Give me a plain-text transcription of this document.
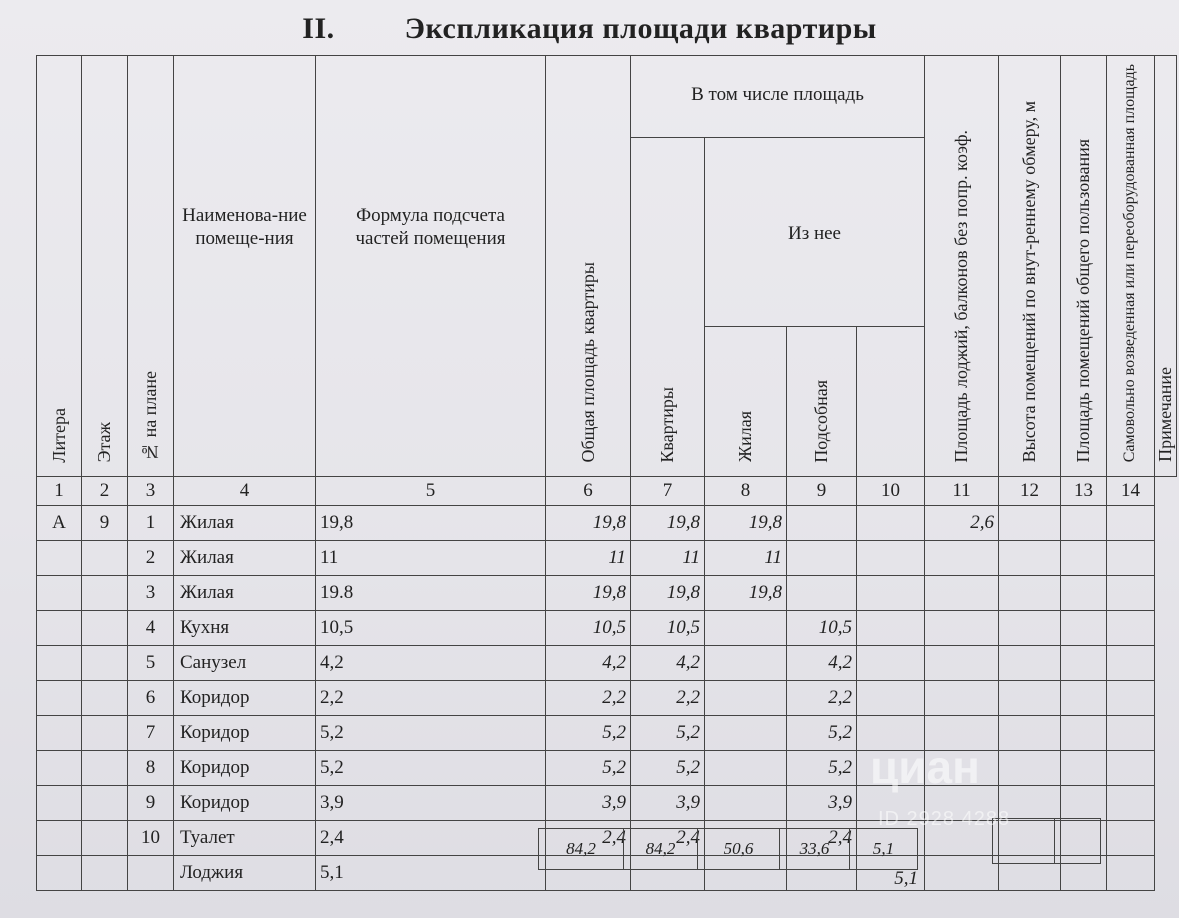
II. Экспликация площади квартиры
Литера	Этаж	№ на плане	Наименова-ние помеще-ния	Формула подсчета частей помещения	Общая площадь квартиры	В том числе площадь				Площадь лоджий, балконов без попр. коэф.	Высота помещений по внут-реннему обмеру, м	Площадь помещений общего пользования	Самовольно возведенная или переоборудованная площадь	Примечание
						Квартиры	Из нее							
							Жилая	Подсобная						
1	2	3	4	5	6	7	8	9	10	11	12	13	14	
А	9	1	Жилая	19,8	19,8	19,8	19,8			2,6				
		2	Жилая	11	11	11	11							
		3	Жилая	19.8	19,8	19,8	19,8							
		4	Кухня	10,5	10,5	10,5		10,5						
		5	Санузел	4,2	4,2	4,2		4,2						
		6	Коридор	2,2	2,2	2,2		2,2						
		7	Коридор	5,2	5,2	5,2		5,2						
		8	Коридор	5,2	5,2	5,2		5,2						
		9	Коридор	3,9	3,9	3,9		3,9						
		10	Туалет	2,4	2,4	2,4		2,4						
			Лоджия	5,1					5,1					
84,2	84,2	50,6	33,6	5,1

циан
ID 2928 4288
